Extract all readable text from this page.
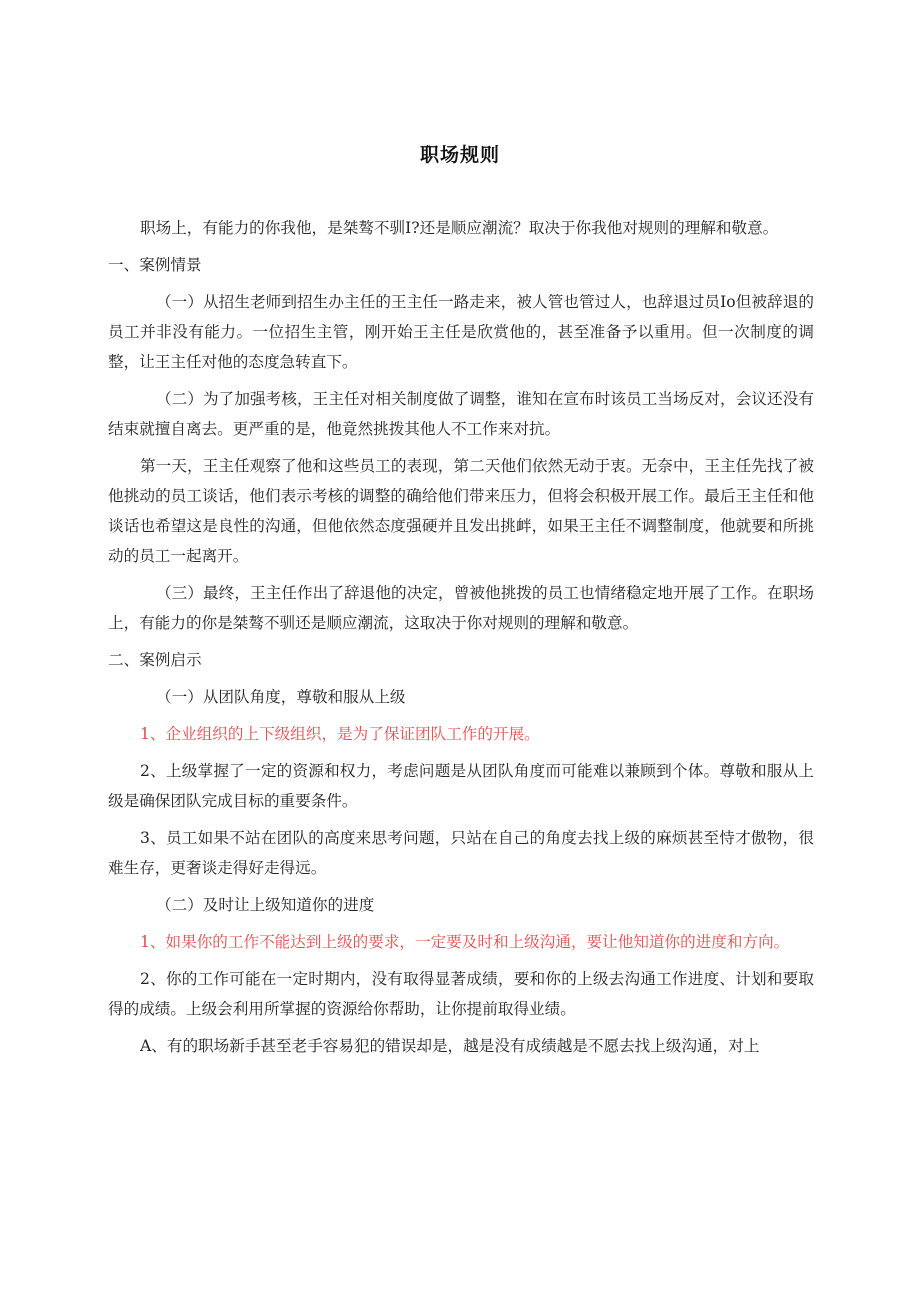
职场规则

职场上，有能力的你我他，是桀骜不驯I?还是顺应潮流？取决于你我他对规则的理解和敬意。

一、案例情景

（一）从招生老师到招生办主任的王主任一路走来，被人管也管过人，也辞退过员Io但被辞退的员工并非没有能力。一位招生主管，刚开始王主任是欣赏他的，甚至准备予以重用。但一次制度的调整，让王主任对他的态度急转直下。

（二）为了加强考核，王主任对相关制度做了调整，谁知在宣布时该员工当场反对，会议还没有结束就擅自离去。更严重的是，他竟然挑拨其他人不工作来对抗。

第一天，王主任观察了他和这些员工的表现，第二天他们依然无动于衷。无奈中，王主任先找了被他挑动的员工谈话，他们表示考核的调整的确给他们带来压力，但将会积极开展工作。最后王主任和他谈话也希望这是良性的沟通，但他依然态度强硬并且发出挑衅，如果王主任不调整制度，他就要和所挑动的员工一起离开。

（三）最终，王主任作出了辞退他的决定，曾被他挑拨的员工也情绪稳定地开展了工作。在职场上，有能力的你是桀骜不驯还是顺应潮流，这取决于你对规则的理解和敬意。

二、案例启示

（一）从团队角度，尊敬和服从上级

1、企业组织的上下级组织，是为了保证团队工作的开展。

2、上级掌握了一定的资源和权力，考虑问题是从团队角度而可能难以兼顾到个体。尊敬和服从上级是确保团队完成目标的重要条件。

3、员工如果不站在团队的高度来思考问题，只站在自己的角度去找上级的麻烦甚至恃才傲物，很难生存，更奢谈走得好走得远。

（二）及时让上级知道你的进度

1、如果你的工作不能达到上级的要求，一定要及时和上级沟通，要让他知道你的进度和方向。

2、你的工作可能在一定时期内，没有取得显著成绩，要和你的上级去沟通工作进度、计划和要取得的成绩。上级会利用所掌握的资源给你帮助，让你提前取得业绩。

A、有的职场新手甚至老手容易犯的错误却是，越是没有成绩越是不愿去找上级沟通，对上
